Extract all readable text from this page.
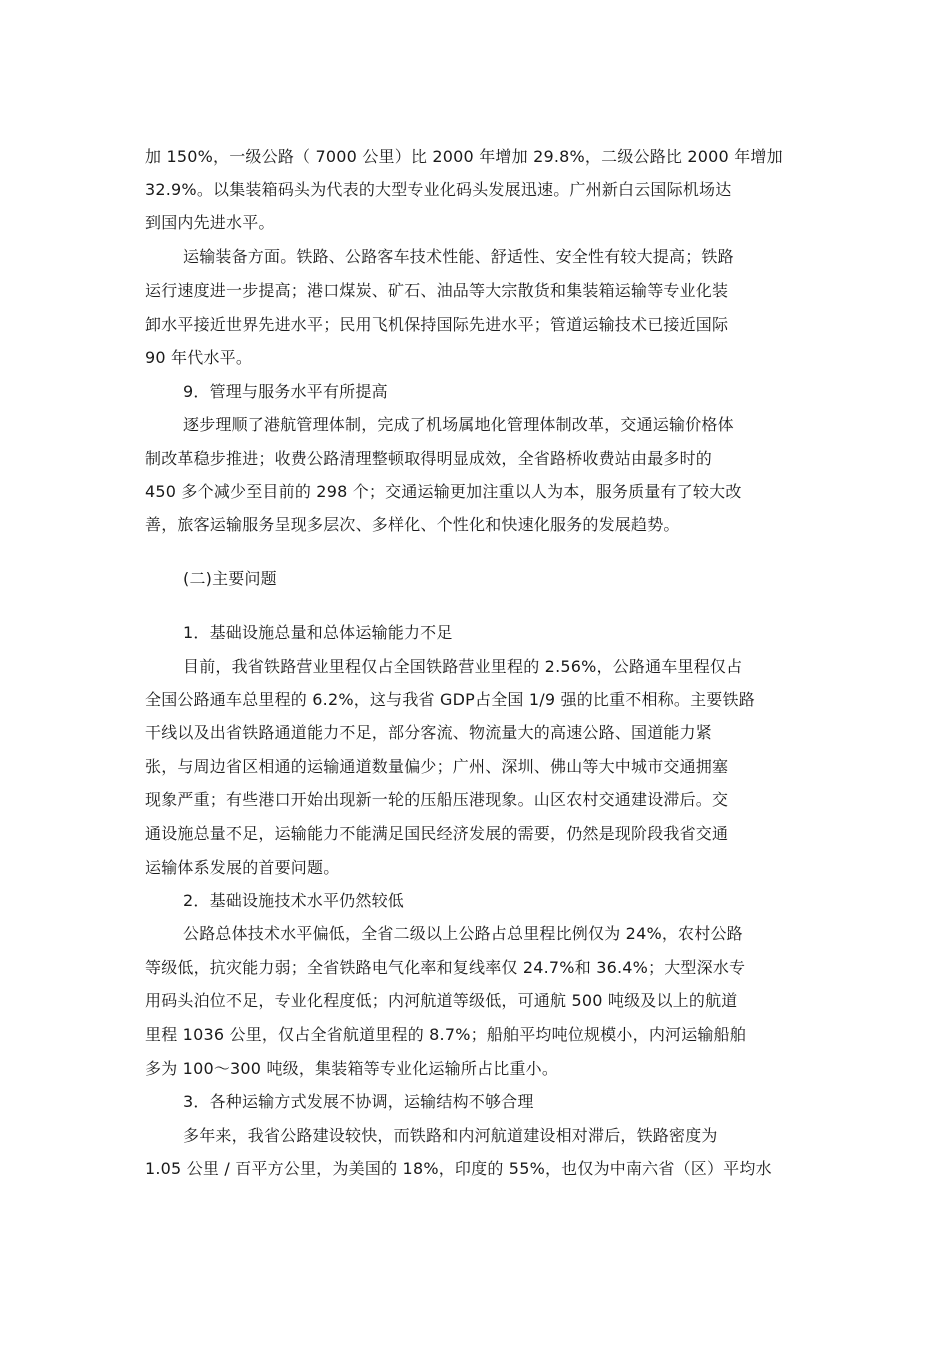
加 150%，一级公路（ 7000 公里）比 2000 年增加 29.8%，二级公路比 2000 年增加
32.9%。以集装箱码头为代表的大型专业化码头发展迅速。广州新白云国际机场达
到国内先进水平。
运输装备方面。铁路、公路客车技术性能、舒适性、安全性有较大提高；铁路
运行速度进一步提高；港口煤炭、矿石、油品等大宗散货和集装箱运输等专业化装
卸水平接近世界先进水平；民用飞机保持国际先进水平；管道运输技术已接近国际
90 年代水平。
9．管理与服务水平有所提高
逐步理顺了港航管理体制，完成了机场属地化管理体制改革，交通运输价格体
制改革稳步推进；收费公路清理整顿取得明显成效，全省路桥收费站由最多时的
450 多个减少至目前的 298 个；交通运输更加注重以人为本，服务质量有了较大改
善，旅客运输服务呈现多层次、多样化、个性化和快速化服务的发展趋势。
(二)主要问题
1．基础设施总量和总体运输能力不足
目前，我省铁路营业里程仅占全国铁路营业里程的 2.56%，公路通车里程仅占
全国公路通车总里程的 6.2%，这与我省 GDP占全国 1/9 强的比重不相称。主要铁路
干线以及出省铁路通道能力不足，部分客流、物流量大的高速公路、国道能力紧
张，与周边省区相通的运输通道数量偏少；广州、深圳、佛山等大中城市交通拥塞
现象严重；有些港口开始出现新一轮的压船压港现象。山区农村交通建设滞后。交
通设施总量不足，运输能力不能满足国民经济发展的需要，仍然是现阶段我省交通
运输体系发展的首要问题。
2．基础设施技术水平仍然较低
公路总体技术水平偏低，全省二级以上公路占总里程比例仅为 24%，农村公路
等级低，抗灾能力弱；全省铁路电气化率和复线率仅 24.7%和 36.4%；大型深水专
用码头泊位不足，专业化程度低；内河航道等级低，可通航 500 吨级及以上的航道
里程 1036 公里，仅占全省航道里程的 8.7%；船舶平均吨位规模小，内河运输船舶
多为 100～300 吨级，集装箱等专业化运输所占比重小。
3．各种运输方式发展不协调，运输结构不够合理
多年来，我省公路建设较快，而铁路和内河航道建设相对滞后，铁路密度为
1.05 公里 / 百平方公里，为美国的 18%，印度的 55%，也仅为中南六省（区）平均水
